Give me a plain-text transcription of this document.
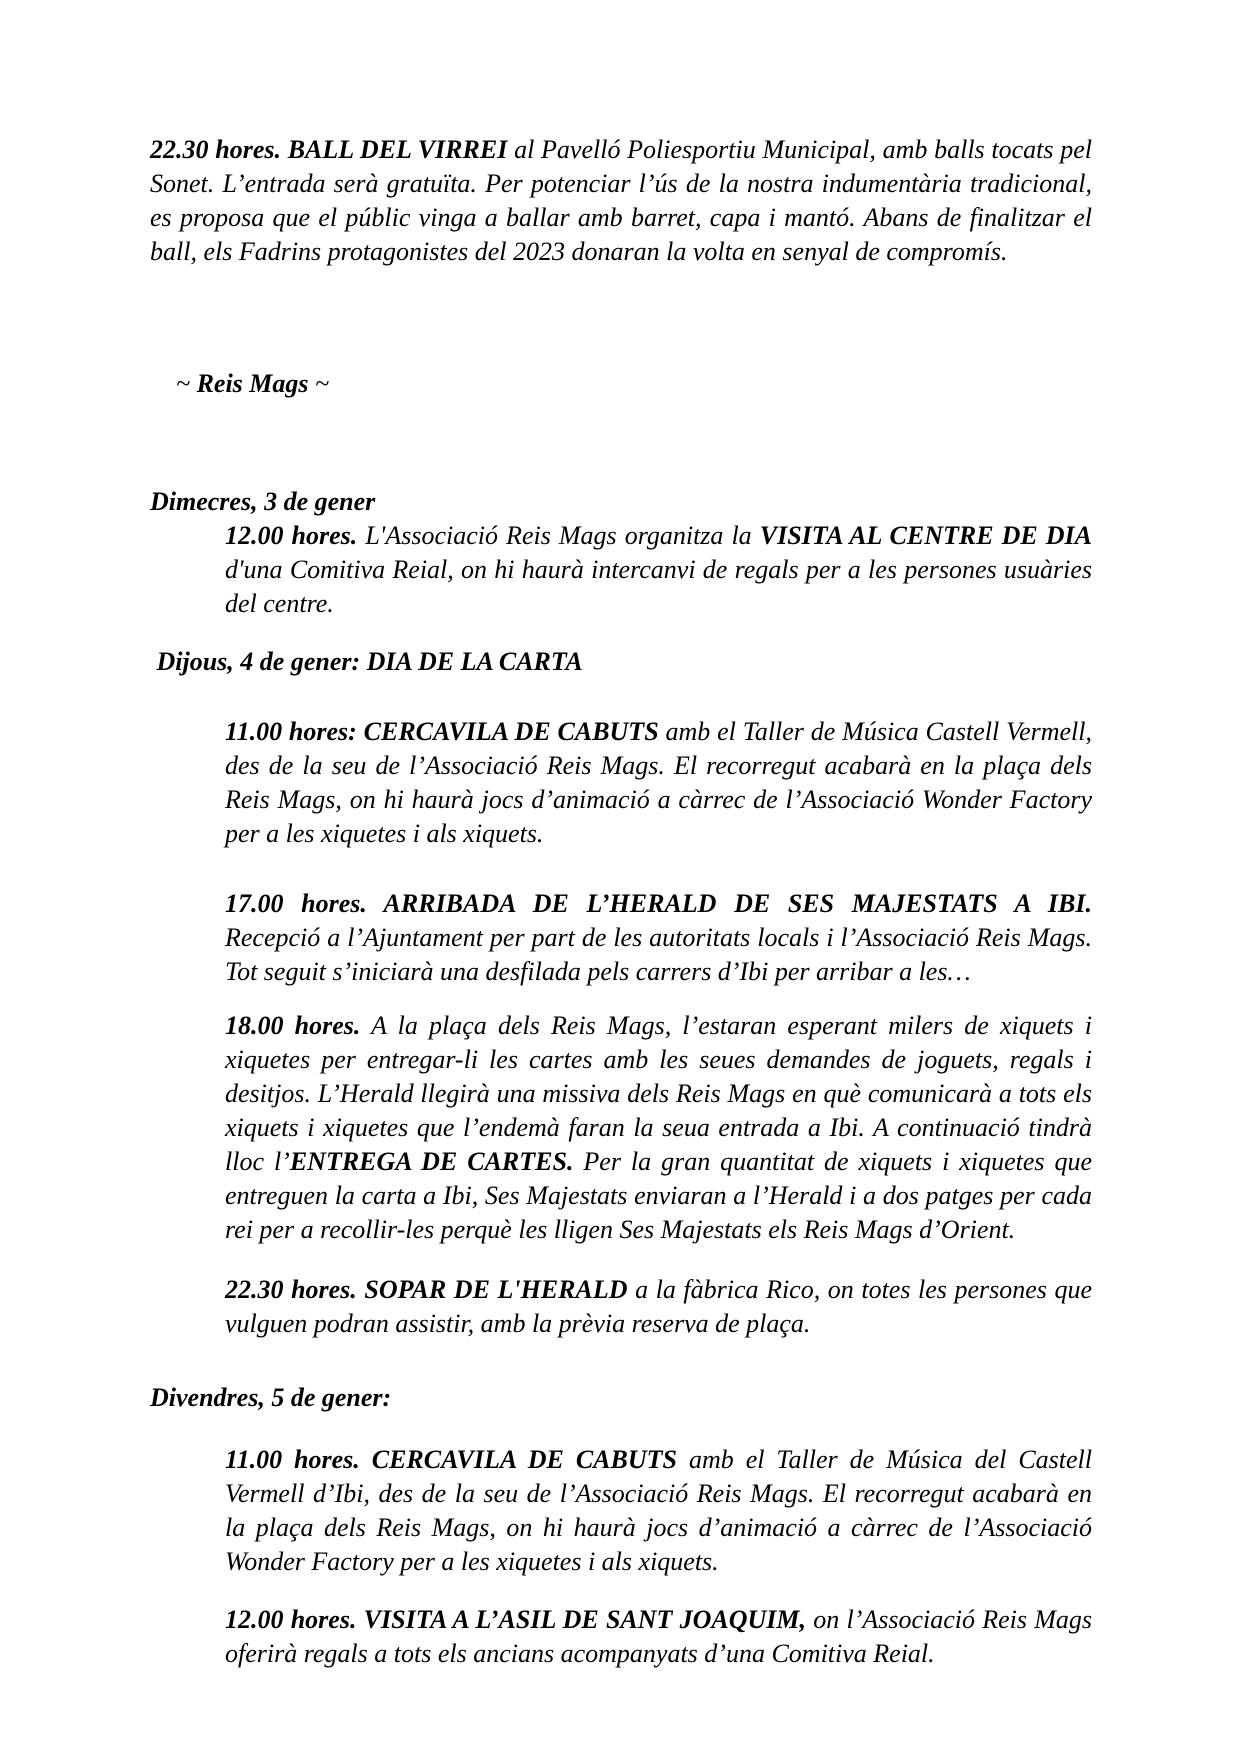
22.30 hores. BALL DEL VIRREI al Pavelló Poliesportiu Municipal, amb balls tocats pel Sonet. L’entrada serà gratuïta. Per potenciar l’ús de la nostra indumentària tradicional, es proposa que el públic vinga a ballar amb barret, capa i mantó. Abans de finalitzar el ball, els Fadrins protagonistes del 2023 donaran la volta en senyal de compromís.

~ Reis Mags ~

Dimecres, 3 de gener

12.00 hores. L'Associació Reis Mags organitza la VISITA AL CENTRE DE DIA d'una Comitiva Reial, on hi haurà intercanvi de regals per a les persones usuàries del centre.

Dijous, 4 de gener: DIA DE LA CARTA

11.00 hores: CERCAVILA DE CABUTS amb el Taller de Música Castell Vermell, des de la seu de l’Associació Reis Mags. El recorregut acabarà en la plaça dels Reis Mags, on hi haurà jocs d’animació a càrrec de l’Associació Wonder Factory per a les xiquetes i als xiquets.

17.00 hores. ARRIBADA DE L’HERALD DE SES MAJESTATS A IBI. Recepció a l’Ajuntament per part de les autoritats locals i l’Associació Reis Mags. Tot seguit s’iniciarà una desfilada pels carrers d’Ibi per arribar a les…

18.00 hores. A la plaça dels Reis Mags, l’estaran esperant milers de xiquets i xiquetes per entregar-li les cartes amb les seues demandes de joguets, regals i desitjos. L’Herald llegirà una missiva dels Reis Mags en què comunicarà a tots els xiquets i xiquetes que l’endemà faran la seua entrada a Ibi. A continuació tindrà lloc l’ENTREGA DE CARTES. Per la gran quantitat de xiquets i xiquetes que entreguen la carta a Ibi, Ses Majestats enviaran a l’Herald i a dos patges per cada rei per a recollir-les perquè les lligen Ses Majestats els Reis Mags d’Orient.

22.30 hores. SOPAR DE L'HERALD a la fàbrica Rico, on totes les persones que vulguen podran assistir, amb la prèvia reserva de plaça.

Divendres, 5 de gener:

11.00 hores. CERCAVILA DE CABUTS amb el Taller de Música del Castell Vermell d’Ibi, des de la seu de l’Associació Reis Mags. El recorregut acabarà en la plaça dels Reis Mags, on hi haurà jocs d’animació a càrrec de l’Associació Wonder Factory per a les xiquetes i als xiquets.

12.00 hores. VISITA A L’ASIL DE SANT JOAQUIM, on l’Associació Reis Mags oferirà regals a tots els ancians acompanyats d’una Comitiva Reial.
